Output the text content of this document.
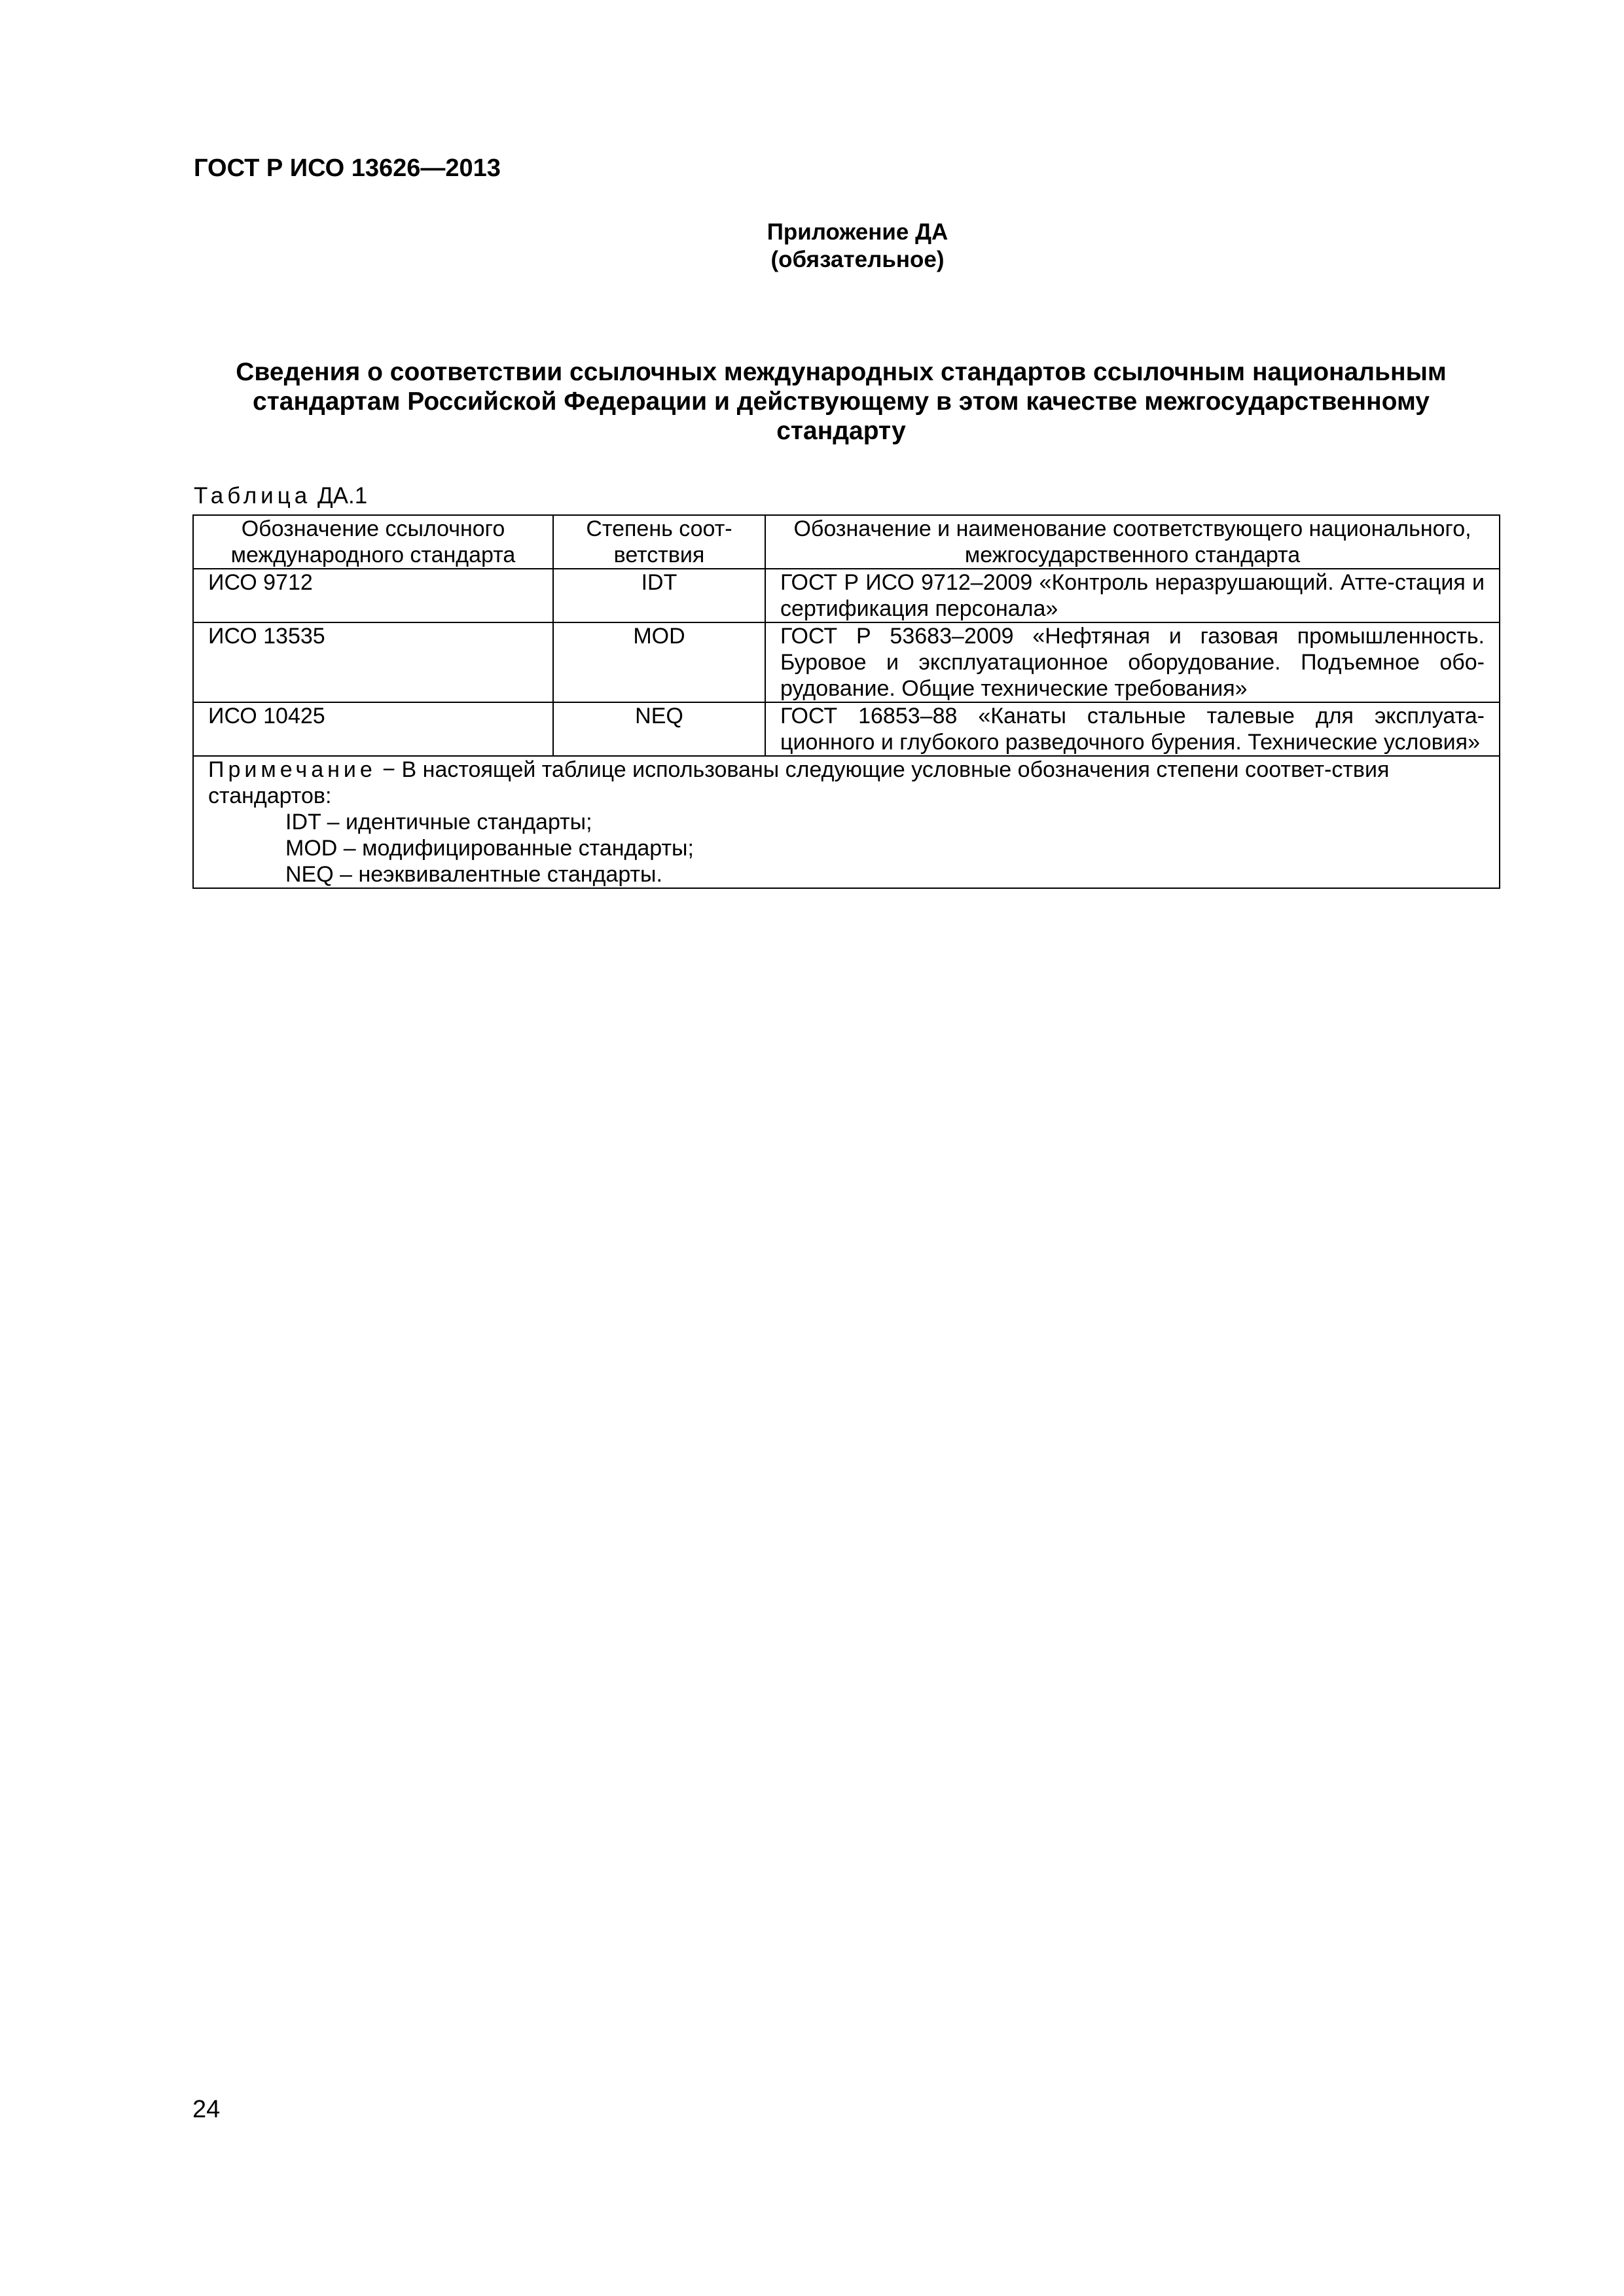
ГОСТ Р ИСО 13626—2013
Приложение ДА
(обязательное)
Сведения о соответствии ссылочных международных стандартов ссылочным национальным стандартам Российской Федерации и действующему в этом качестве межгосударственному стандарту
Таблица ДА.1
Обозначение ссылочного международного стандарта	Степень соот-ветствия	Обозначение и наименование соответствующего национального, межгосударственного стандарта
ИСО 9712	IDT	ГОСТ Р ИСО 9712–2009 «Контроль неразрушающий. Атте-стация и сертификация персонала»
ИСО 13535	MOD	ГОСТ Р 53683–2009 «Нефтяная и газовая промышленность. Буровое и эксплуатационное оборудование. Подъемное обо-рудование. Общие технические требования»
ИСО 10425	NEQ	ГОСТ 16853–88 «Канаты стальные талевые для эксплуата-ционного и глубокого разведочного бурения. Технические условия»

Примечание − В настоящей таблице использованы следующие условные обозначения степени соответ-ствия стандартов:
IDT – идентичные стандарты;
MOD – модифицированные стандарты;
NEQ – неэквивалентные стандарты.		
24
